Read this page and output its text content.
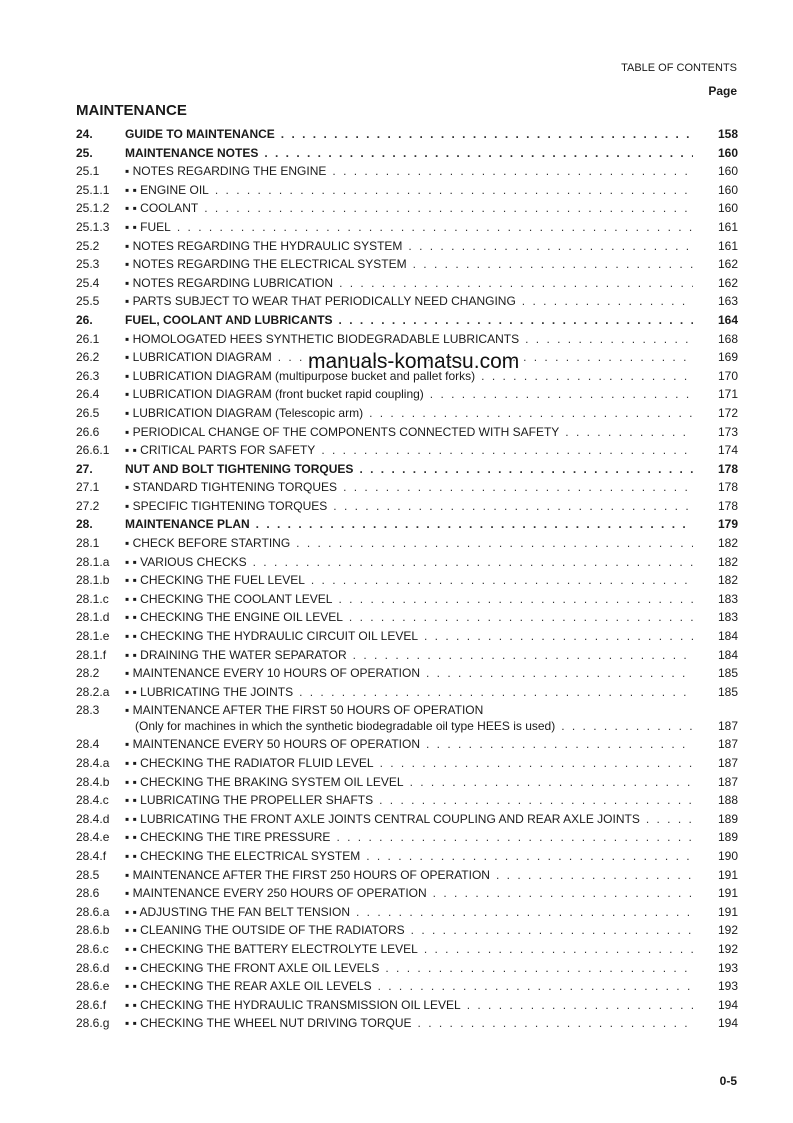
TABLE OF CONTENTS
Page
MAINTENANCE
24.	GUIDE TO MAINTENANCE . . .	158
25.	MAINTENANCE NOTES . . .	160
25.1	▪ NOTES REGARDING THE ENGINE . . .	160
25.1.1	▪ ▪ ENGINE OIL . . .	160
25.1.2	▪ ▪ COOLANT . . .	160
25.1.3	▪ ▪ FUEL . . .	161
25.2	▪ NOTES REGARDING THE HYDRAULIC SYSTEM . . .	161
25.3	▪ NOTES REGARDING THE ELECTRICAL SYSTEM . . .	162
25.4	▪ NOTES REGARDING LUBRICATION . . .	162
25.5	▪ PARTS SUBJECT TO WEAR THAT PERIODICALLY NEED CHANGING . . .	163
26.	FUEL, COOLANT AND LUBRICANTS . . .	164
26.1	▪ HOMOLOGATED HEES SYNTHETIC BIODEGRADABLE LUBRICANTS . . .	168
26.2	▪ LUBRICATION DIAGRAM . . .	169
26.3	▪ LUBRICATION DIAGRAM (multipurpose bucket and pallet forks) . . .	170
26.4	▪ LUBRICATION DIAGRAM (front bucket rapid coupling) . . .	171
26.5	▪ LUBRICATION DIAGRAM (Telescopic arm) . . .	172
26.6	▪ PERIODICAL CHANGE OF THE COMPONENTS CONNECTED WITH SAFETY . . .	173
26.6.1	▪ ▪ CRITICAL PARTS FOR SAFETY . . .	174
27.	NUT AND BOLT TIGHTENING TORQUES . . .	178
27.1	▪ STANDARD TIGHTENING TORQUES . . .	178
27.2	▪ SPECIFIC TIGHTENING TORQUES . . .	178
28.	MAINTENANCE PLAN . . .	179
28.1	▪ CHECK BEFORE STARTING . . .	182
28.1.a	▪ ▪ VARIOUS CHECKS . . .	182
28.1.b	▪ ▪ CHECKING THE FUEL LEVEL . . .	182
28.1.c	▪ ▪ CHECKING THE COOLANT LEVEL . . .	183
28.1.d	▪ ▪ CHECKING THE ENGINE OIL LEVEL . . .	183
28.1.e	▪ ▪ CHECKING THE HYDRAULIC CIRCUIT OIL LEVEL . . .	184
28.1.f	▪ ▪ DRAINING THE WATER SEPARATOR . . .	184
28.2	▪ MAINTENANCE EVERY 10 HOURS OF OPERATION . . .	185
28.2.a	▪ ▪ LUBRICATING THE JOINTS . . .	185
28.3	▪ MAINTENANCE AFTER THE FIRST 50 HOURS OF OPERATION
(Only for machines in which the synthetic biodegradable oil type HEES is used) . . .	187
28.4	▪ MAINTENANCE EVERY 50 HOURS OF OPERATION . . .	187
28.4.a	▪ ▪ CHECKING THE RADIATOR FLUID LEVEL . . .	187
28.4.b	▪ ▪ CHECKING THE BRAKING SYSTEM OIL LEVEL . . .	187
28.4.c	▪ ▪ LUBRICATING THE PROPELLER SHAFTS . . .	188
28.4.d	▪ ▪ LUBRICATING THE FRONT AXLE JOINTS CENTRAL COUPLING AND REAR AXLE JOINTS . . .	189
28.4.e	▪ ▪ CHECKING THE TIRE PRESSURE . . .	189
28.4.f	▪ ▪ CHECKING THE ELECTRICAL SYSTEM . . .	190
28.5	▪ MAINTENANCE AFTER THE FIRST 250 HOURS OF OPERATION . . .	191
28.6	▪ MAINTENANCE EVERY 250 HOURS OF OPERATION . . .	191
28.6.a	▪ ▪ ADJUSTING THE FAN BELT TENSION . . .	191
28.6.b	▪ ▪ CLEANING THE OUTSIDE OF THE RADIATORS . . .	192
28.6.c	▪ ▪ CHECKING THE BATTERY ELECTROLYTE LEVEL . . .	192
28.6.d	▪ ▪ CHECKING THE FRONT AXLE OIL LEVELS . . .	193
28.6.e	▪ ▪ CHECKING THE REAR AXLE OIL LEVELS . . .	193
28.6.f	▪ ▪ CHECKING THE HYDRAULIC TRANSMISSION OIL LEVEL . . .	194
28.6.g	▪ ▪ CHECKING THE WHEEL NUT DRIVING TORQUE . . .	194
manuals-komatsu.com
0-5
